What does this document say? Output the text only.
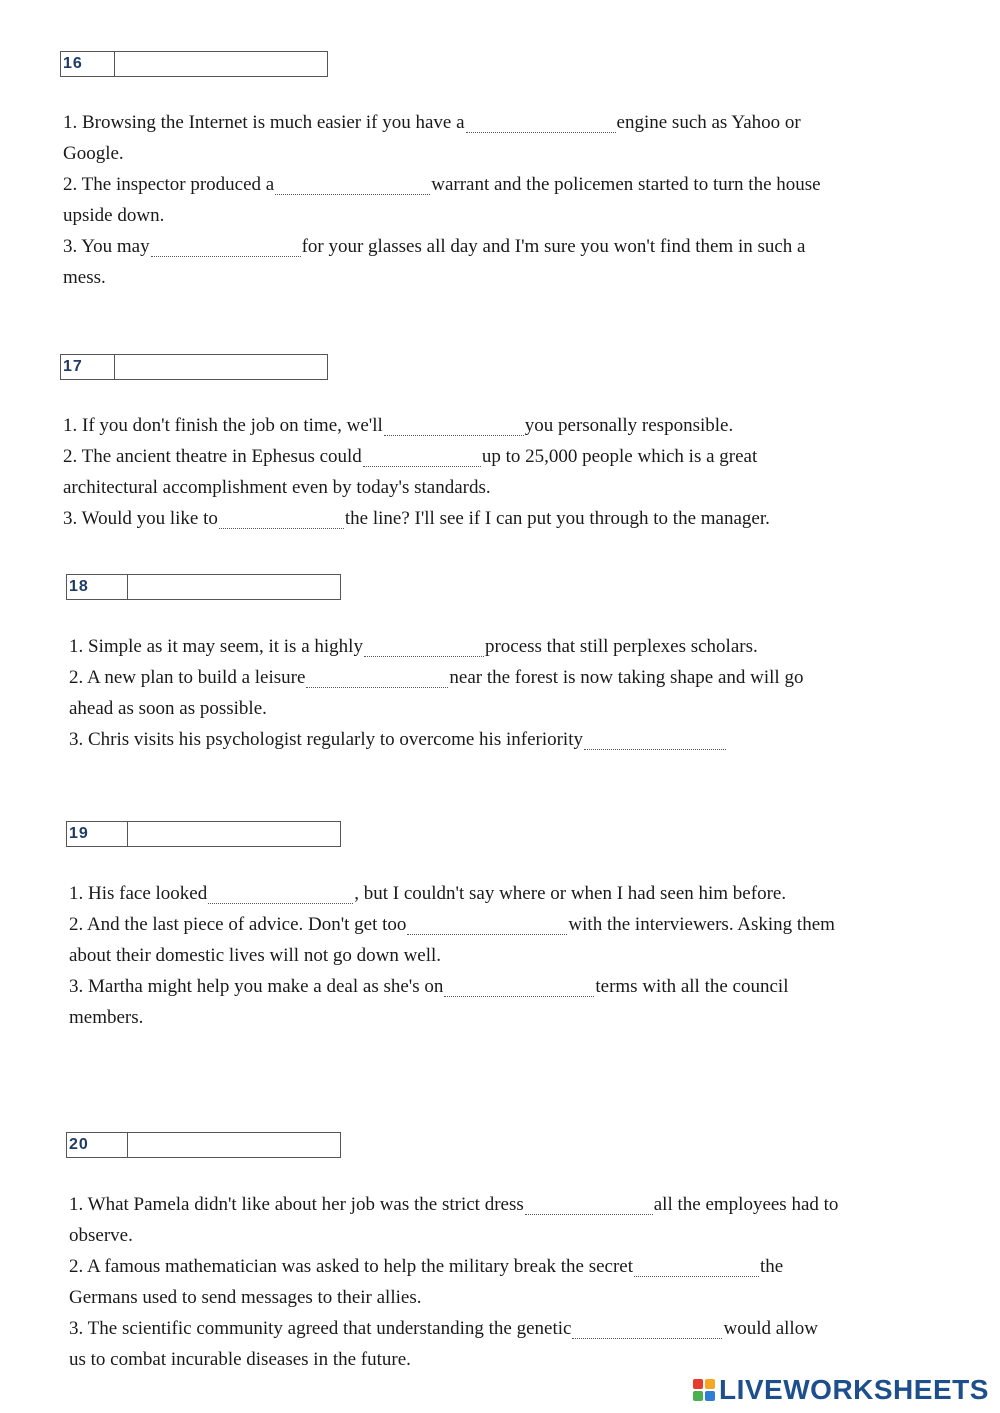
16

1. Browsing the Internet is much easier if you have a	engine such as Yahoo or Google.

2. The inspector produced a	warrant and the policemen started to turn the house upside down.

3. You may	for your glasses all day and I'm sure you won't find them in such a mess.

17

1. If you don't finish the job on time, we'll	you personally responsible.

2. The ancient theatre in Ephesus could	up to 25,000 people which is a great architectural accomplishment even by today's standards.

3. Would you like to	the line? I'll see if I can put you through to the manager.

18

1. Simple as it may seem, it is a highly	process that still perplexes scholars.

2. A new plan to build a leisure	near the forest is now taking shape and will go ahead as soon as possible.

3. Chris visits his psychologist regularly to overcome his inferiority

19

1. His face looked	, but I couldn't say where or when I had seen him before.

2. And the last piece of advice. Don't get too	with the interviewers. Asking them about their domestic lives will not go down well.

3. Martha might help you make a deal as she's on	terms with all the council members.

20

1. What Pamela didn't like about her job was the strict dress	all the employees had to observe.

2. A famous mathematician was asked to help the military break the secret	the Germans used to send messages to their allies.

3. The scientific community agreed that understanding the genetic	would allow us to combat incurable diseases in the future.

LIVEWORKSHEETS
